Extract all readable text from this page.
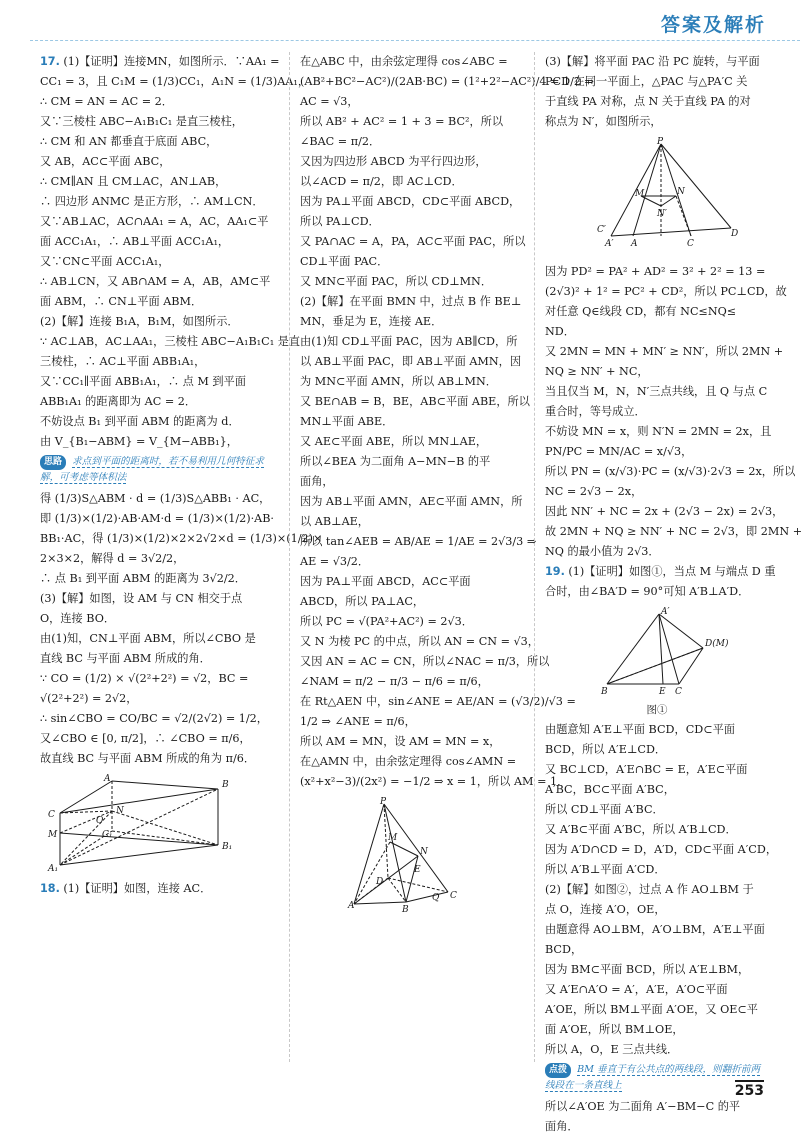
答案及解析
17. (1)【证明】连接MN，如图所示．∵AA₁ =
CC₁ = 3，且 C₁M = (1/3)CC₁，A₁N = (1/3)AA₁，
∴ CM = AN = AC = 2．
又∵三棱柱 ABC−A₁B₁C₁ 是直三棱柱，
∴ CM 和 AN 都垂直于底面 ABC，
又 AB，AC⊂平面 ABC，
∴ CM∥AN 且 CM⊥AC，AN⊥AB，
∴ 四边形 ANMC 是正方形，∴ AM⊥CN．
又∵AB⊥AC，AC∩AA₁ = A，AC，AA₁⊂平
面 ACC₁A₁，∴ AB⊥平面 ACC₁A₁，
又∵CN⊂平面 ACC₁A₁，
∴ AB⊥CN，又 AB∩AM = A，AB，AM⊂平
面 ABM，∴ CN⊥平面 ABM．
(2)【解】连接 B₁A，B₁M，如图所示．
∵ AC⊥AB，AC⊥AA₁，三棱柱 ABC−A₁B₁C₁ 是直
三棱柱，∴ AC⊥平面 ABB₁A₁，
又∵CC₁∥平面 ABB₁A₁，∴ 点 M 到平面
ABB₁A₁ 的距离即为 AC = 2．
不妨设点 B₁ 到平面 ABM 的距离为 d．
由 V_{B₁−ABM} = V_{M−ABB₁}，
思路 求点到平面的距离时，若不易利用几何特征求解，可考虑等体积法
得 (1/3)S△ABM · d = (1/3)S△ABB₁ · AC，
即 (1/3)×(1/2)·AB·AM·d = (1/3)×(1/2)·AB·
BB₁·AC，得 (1/3)×(1/2)×2×2√2×d = (1/3)×(1/2)×
2×3×2，解得 d = 3√2/2，
∴ 点 B₁ 到平面 ABM 的距离为 3√2/2．
(3)【解】如图，设 AM 与 CN 相交于点
O，连接 BO．
由(1)知，CN⊥平面 ABM，所以∠CBO 是
直线 BC 与平面 ABM 所成的角．
∵ CO = (1/2) × √(2²+2²) = √2，BC =
√(2²+2²) = 2√2，
∴ sin∠CBO = CO/BC = √2/(2√2) = 1/2，
又∠CBO ∈ [0, π/2]，∴ ∠CBO = π/6，
故直线 BC 与平面 ABM 所成的角为 π/6．
A
B
C
A₁
B₁
C₁
M
N
O
18. (1)【证明】如图，连接 AC．
在△ABC 中，由余弦定理得 cos∠ABC =
(AB²+BC²−AC²)/(2AB·BC) = (1²+2²−AC²)/4 = 1/2 ⇒
AC = √3，
所以 AB² + AC² = 1 + 3 = BC²，所以
∠BAC = π/2．
又因为四边形 ABCD 为平行四边形，
以∠ACD = π/2，即 AC⊥CD．
因为 PA⊥平面 ABCD，CD⊂平面 ABCD，
所以 PA⊥CD．
又 PA∩AC = A，PA，AC⊂平面 PAC，所以
CD⊥平面 PAC．
又 MN⊂平面 PAC，所以 CD⊥MN．
(2)【解】在平面 BMN 中，过点 B 作 BE⊥
MN，垂足为 E，连接 AE．
由(1)知 CD⊥平面 PAC，因为 AB∥CD，所
以 AB⊥平面 PAC，即 AB⊥平面 AMN，因
为 MN⊂平面 AMN，所以 AB⊥MN．
又 BE∩AB = B，BE，AB⊂平面 ABE，所以
MN⊥平面 ABE．
又 AE⊂平面 ABE，所以 MN⊥AE，
所以∠BEA 为二面角 A−MN−B 的平
面角，
因为 AB⊥平面 AMN，AE⊂平面 AMN，所
以 AB⊥AE，
所以 tan∠AEB = AB/AE = 1/AE = 2√3/3 ⇒
AE = √3/2．
因为 PA⊥平面 ABCD，AC⊂平面
ABCD，所以 PA⊥AC，
所以 PC = √(PA²+AC²) = 2√3．
又 N 为棱 PC 的中点，所以 AN = CN = √3，
又因 AN = AC = CN，所以∠NAC = π/3，所以
∠NAM = π/2 − π/3 − π/6 = π/6，
在 Rt△AEN 中，sin∠ANE = AE/AN = (√3/2)/√3 =
1/2 ⇒ ∠ANE = π/6，
所以 AM = MN，设 AM = MN = x，
在△AMN 中，由余弦定理得 cos∠AMN =
(x²+x²−3)/(2x²) = −1/2 ⇒ x = 1，所以 AM = 1．
P
A	B
C
D
M
N
E
Q
(3)【解】将平面 PAC 沿 PC 旋转，与平面
PCD 在同一平面上，△PAC 与△PA′C 关
于直线 PA 对称，点 N 关于直线 PA 的对
称点为 N′，如图所示，
P
A
A′	C
C′	D
M	N
N′
因为 PD² = PA² + AD² = 3² + 2² = 13 =
(2√3)² + 1² = PC² + CD²，所以 PC⊥CD，故
对任意 Q∈线段 CD，都有 NC≤NQ≤
ND．
又 2MN = MN + MN′ ≥ NN′，所以 2MN +
NQ ≥ NN′ + NC，
当且仅当 M，N，N′三点共线，且 Q 与点 C
重合时，等号成立．
不妨设 MN = x，则 N′N = 2MN = 2x，且
PN/PC = MN/AC = x/√3，
所以 PN = (x/√3)·PC = (x/√3)·2√3 = 2x，所以
NC = 2√3 − 2x，
因此 NN′ + NC = 2x + (2√3 − 2x) = 2√3，
故 2MN + NQ ≥ NN′ + NC = 2√3，即 2MN +
NQ 的最小值为 2√3．
19. (1)【证明】如图①，当点 M 与端点 D 重
合时，由∠BA′D = 90°可知 A′B⊥A′D．
A′
B	C
D(M)
E
图①
由题意知 A′E⊥平面 BCD，CD⊂平面
BCD，所以 A′E⊥CD．
又 BC⊥CD，A′E∩BC = E，A′E⊂平面
A′BC，BC⊂平面 A′BC，
所以 CD⊥平面 A′BC．
又 A′B⊂平面 A′BC，所以 A′B⊥CD．
因为 A′D∩CD = D，A′D，CD⊂平面 A′CD，
所以 A′B⊥平面 A′CD．
(2)【解】如图②，过点 A 作 AO⊥BM 于
点 O，连接 A′O，OE，
由题意得 AO⊥BM，A′O⊥BM，A′E⊥平面
BCD，
因为 BM⊂平面 BCD，所以 A′E⊥BM，
又 A′E∩A′O = A′，A′E，A′O⊂平面
A′OE，所以 BM⊥平面 A′OE，又 OE⊂平
面 A′OE，所以 BM⊥OE，
所以 A，O，E 三点共线．
点拨 BM 垂直于有公共点的两线段，则翻折前两线段在一条直线上
所以∠A′OE 为二面角 A′−BM−C 的平
面角．
253
